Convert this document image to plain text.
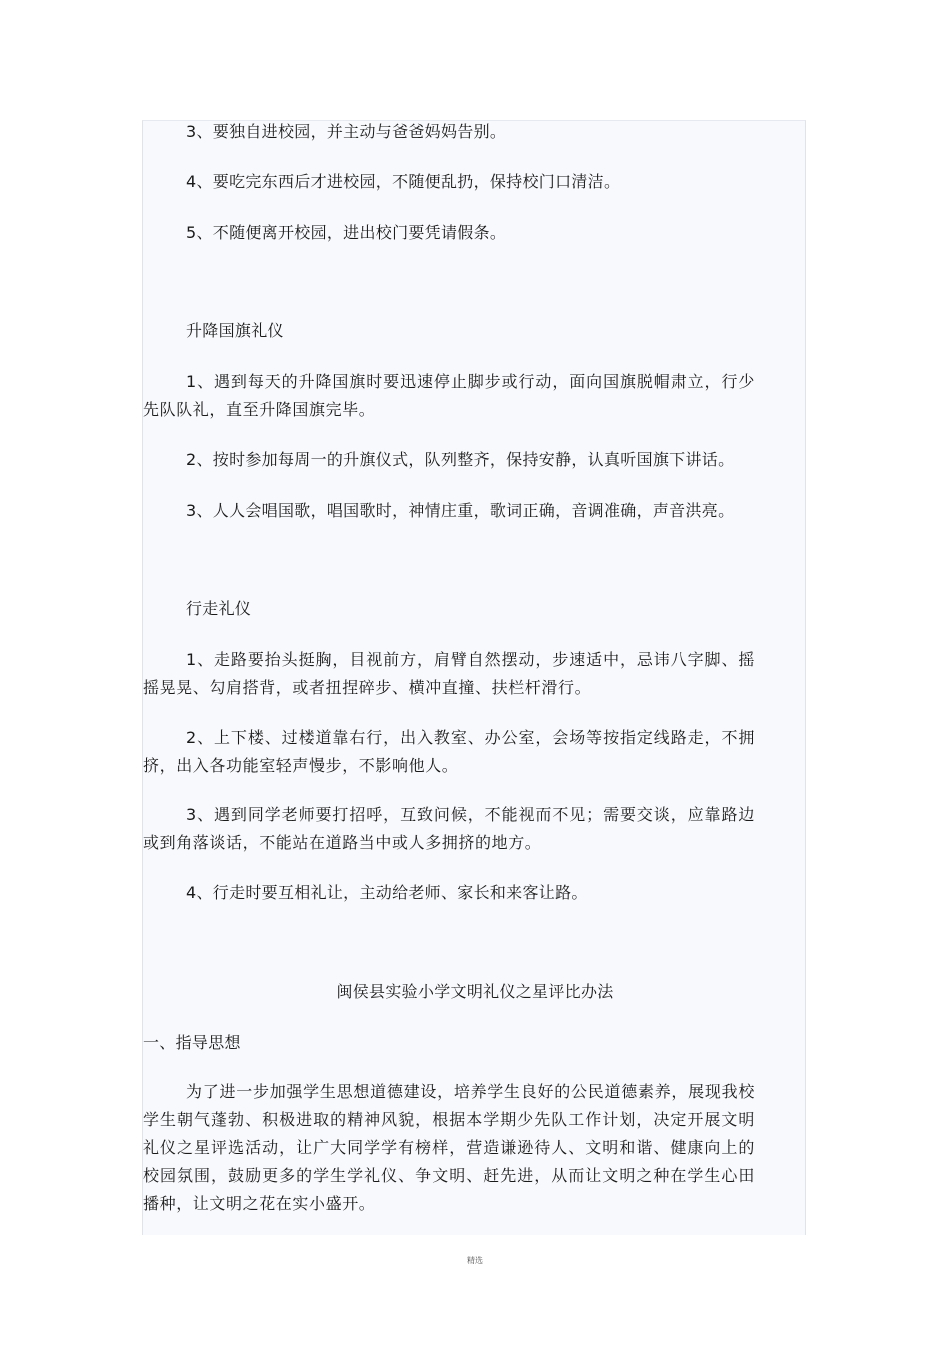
3、要独自进校园，并主动与爸爸妈妈告别。
4、要吃完东西后才进校园，不随便乱扔，保持校门口清洁。
5、不随便离开校园，进出校门要凭请假条。
升降国旗礼仪
1、遇到每天的升降国旗时要迅速停止脚步或行动，面向国旗脱帽肃立，行少先队队礼，直至升降国旗完毕。
2、按时参加每周一的升旗仪式，队列整齐，保持安静，认真听国旗下讲话。
3、人人会唱国歌，唱国歌时，神情庄重，歌词正确，音调准确，声音洪亮。
行走礼仪
1、走路要抬头挺胸，目视前方，肩臂自然摆动，步速适中，忌讳八字脚、摇摇晃晃、勾肩搭背，或者扭捏碎步、横冲直撞、扶栏杆滑行。
2、上下楼、过楼道靠右行，出入教室、办公室，会场等按指定线路走，不拥挤，出入各功能室轻声慢步，不影响他人。
3、遇到同学老师要打招呼，互致问候，不能视而不见；需要交谈，应靠路边或到角落谈话，不能站在道路当中或人多拥挤的地方。
4、行走时要互相礼让，主动给老师、家长和来客让路。
闽侯县实验小学文明礼仪之星评比办法
一、指导思想
为了进一步加强学生思想道德建设，培养学生良好的公民道德素养，展现我校学生朝气蓬勃、积极进取的精神风貌，根据本学期少先队工作计划，决定开展文明礼仪之星评选活动，让广大同学学有榜样，营造谦逊待人、文明和谐、健康向上的校园氛围，鼓励更多的学生学礼仪、争文明、赶先进，从而让文明之种在学生心田播种，让文明之花在实小盛开。
精选
